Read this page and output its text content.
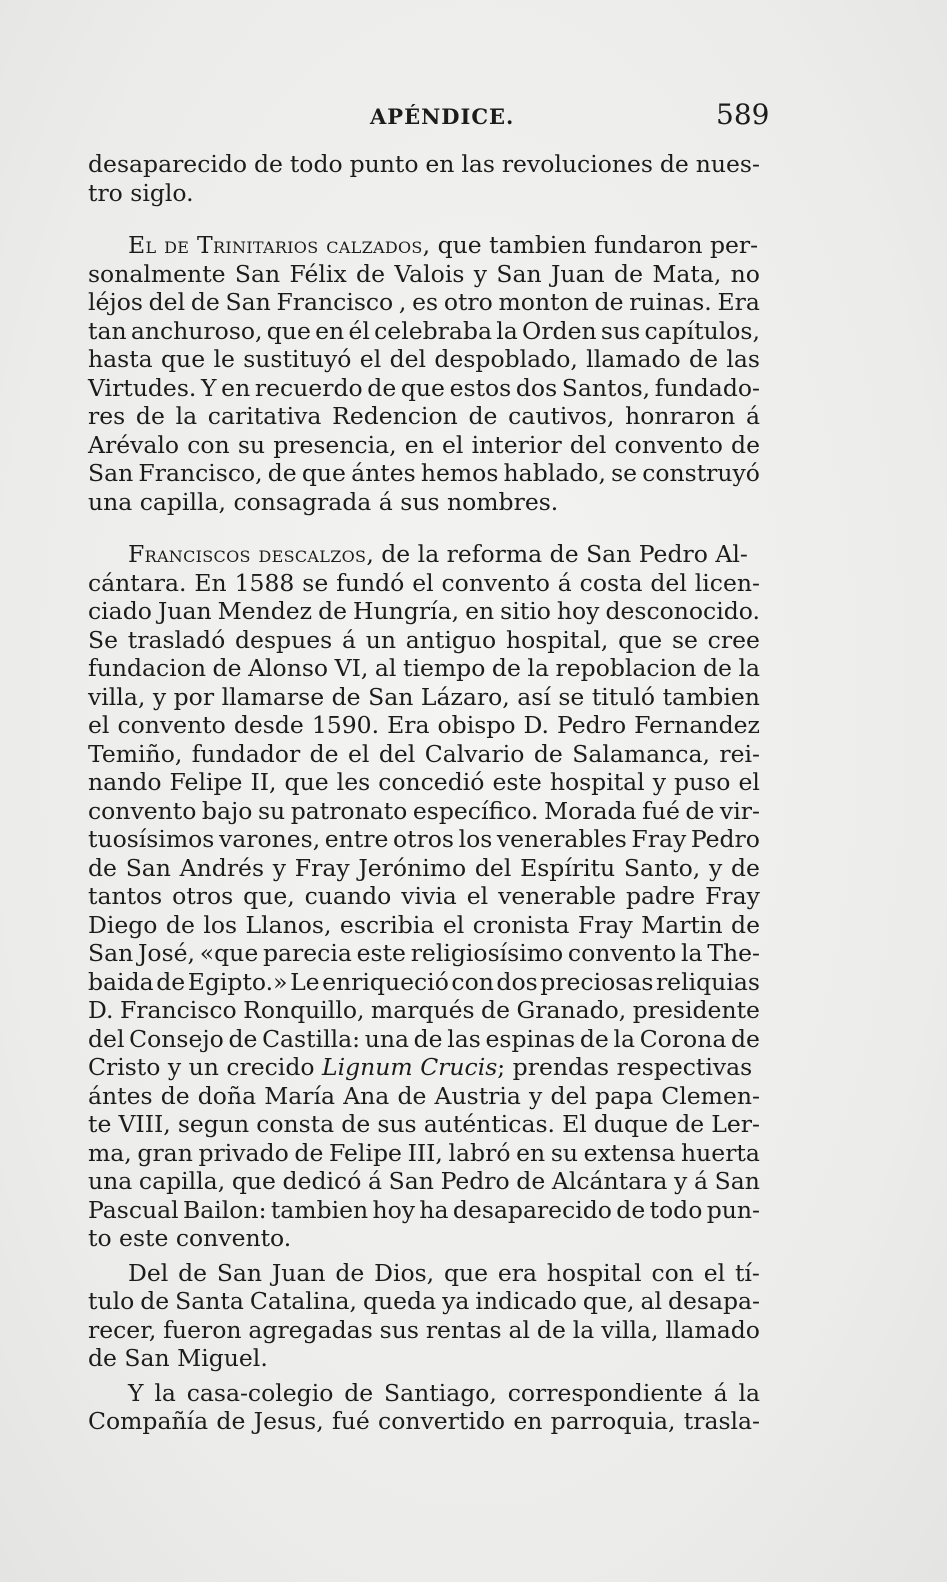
APÉNDICE.	589
desaparecido de todo punto en las revoluciones de nues-
tro siglo.
El de Trinitarios calzados, que tambien fundaron per-
sonalmente San Félix de Valois y San Juan de Mata, no
léjos del de San Francisco , es otro monton de ruinas. Era
tan anchuroso, que en él celebraba la Orden sus capítulos,
hasta que le sustituyó el del despoblado, llamado de las
Virtudes. Y en recuerdo de que estos dos Santos, fundado-
res de la caritativa Redencion de cautivos, honraron á
Arévalo con su presencia, en el interior del convento de
San Francisco, de que ántes hemos hablado, se construyó
una capilla, consagrada á sus nombres.
Franciscos descalzos, de la reforma de San Pedro Al-
cántara. En 1588 se fundó el convento á costa del licen-
ciado Juan Mendez de Hungría, en sitio hoy desconocido.
Se trasladó despues á un antiguo hospital, que se cree
fundacion de Alonso VI, al tiempo de la repoblacion de la
villa, y por llamarse de San Lázaro, así se tituló tambien
el convento desde 1590. Era obispo D. Pedro Fernandez
Temiño, fundador de el del Calvario de Salamanca, rei-
nando Felipe II, que les concedió este hospital y puso el
convento bajo su patronato específico. Morada fué de vir-
tuosísimos varones, entre otros los venerables Fray Pedro
de San Andrés y Fray Jerónimo del Espíritu Santo, y de
tantos otros que, cuando vivia el venerable padre Fray
Diego de los Llanos, escribia el cronista Fray Martin de
San José, «que parecia este religiosísimo convento la The-
baida de Egipto.» Le enriqueció con dos preciosas reliquias
D. Francisco Ronquillo, marqués de Granado, presidente
del Consejo de Castilla: una de las espinas de la Corona de
Cristo y un crecido Lignum Crucis; prendas respectivas
ántes de doña María Ana de Austria y del papa Clemen-
te VIII, segun consta de sus auténticas. El duque de Ler-
ma, gran privado de Felipe III, labró en su extensa huerta
una capilla, que dedicó á San Pedro de Alcántara y á San
Pascual Bailon: tambien hoy ha desaparecido de todo pun-
to este convento.
Del de San Juan de Dios, que era hospital con el tí-
tulo de Santa Catalina, queda ya indicado que, al desapa-
recer, fueron agregadas sus rentas al de la villa, llamado
de San Miguel.
Y la casa-colegio de Santiago, correspondiente á la
Compañía de Jesus, fué convertido en parroquia, trasla-
